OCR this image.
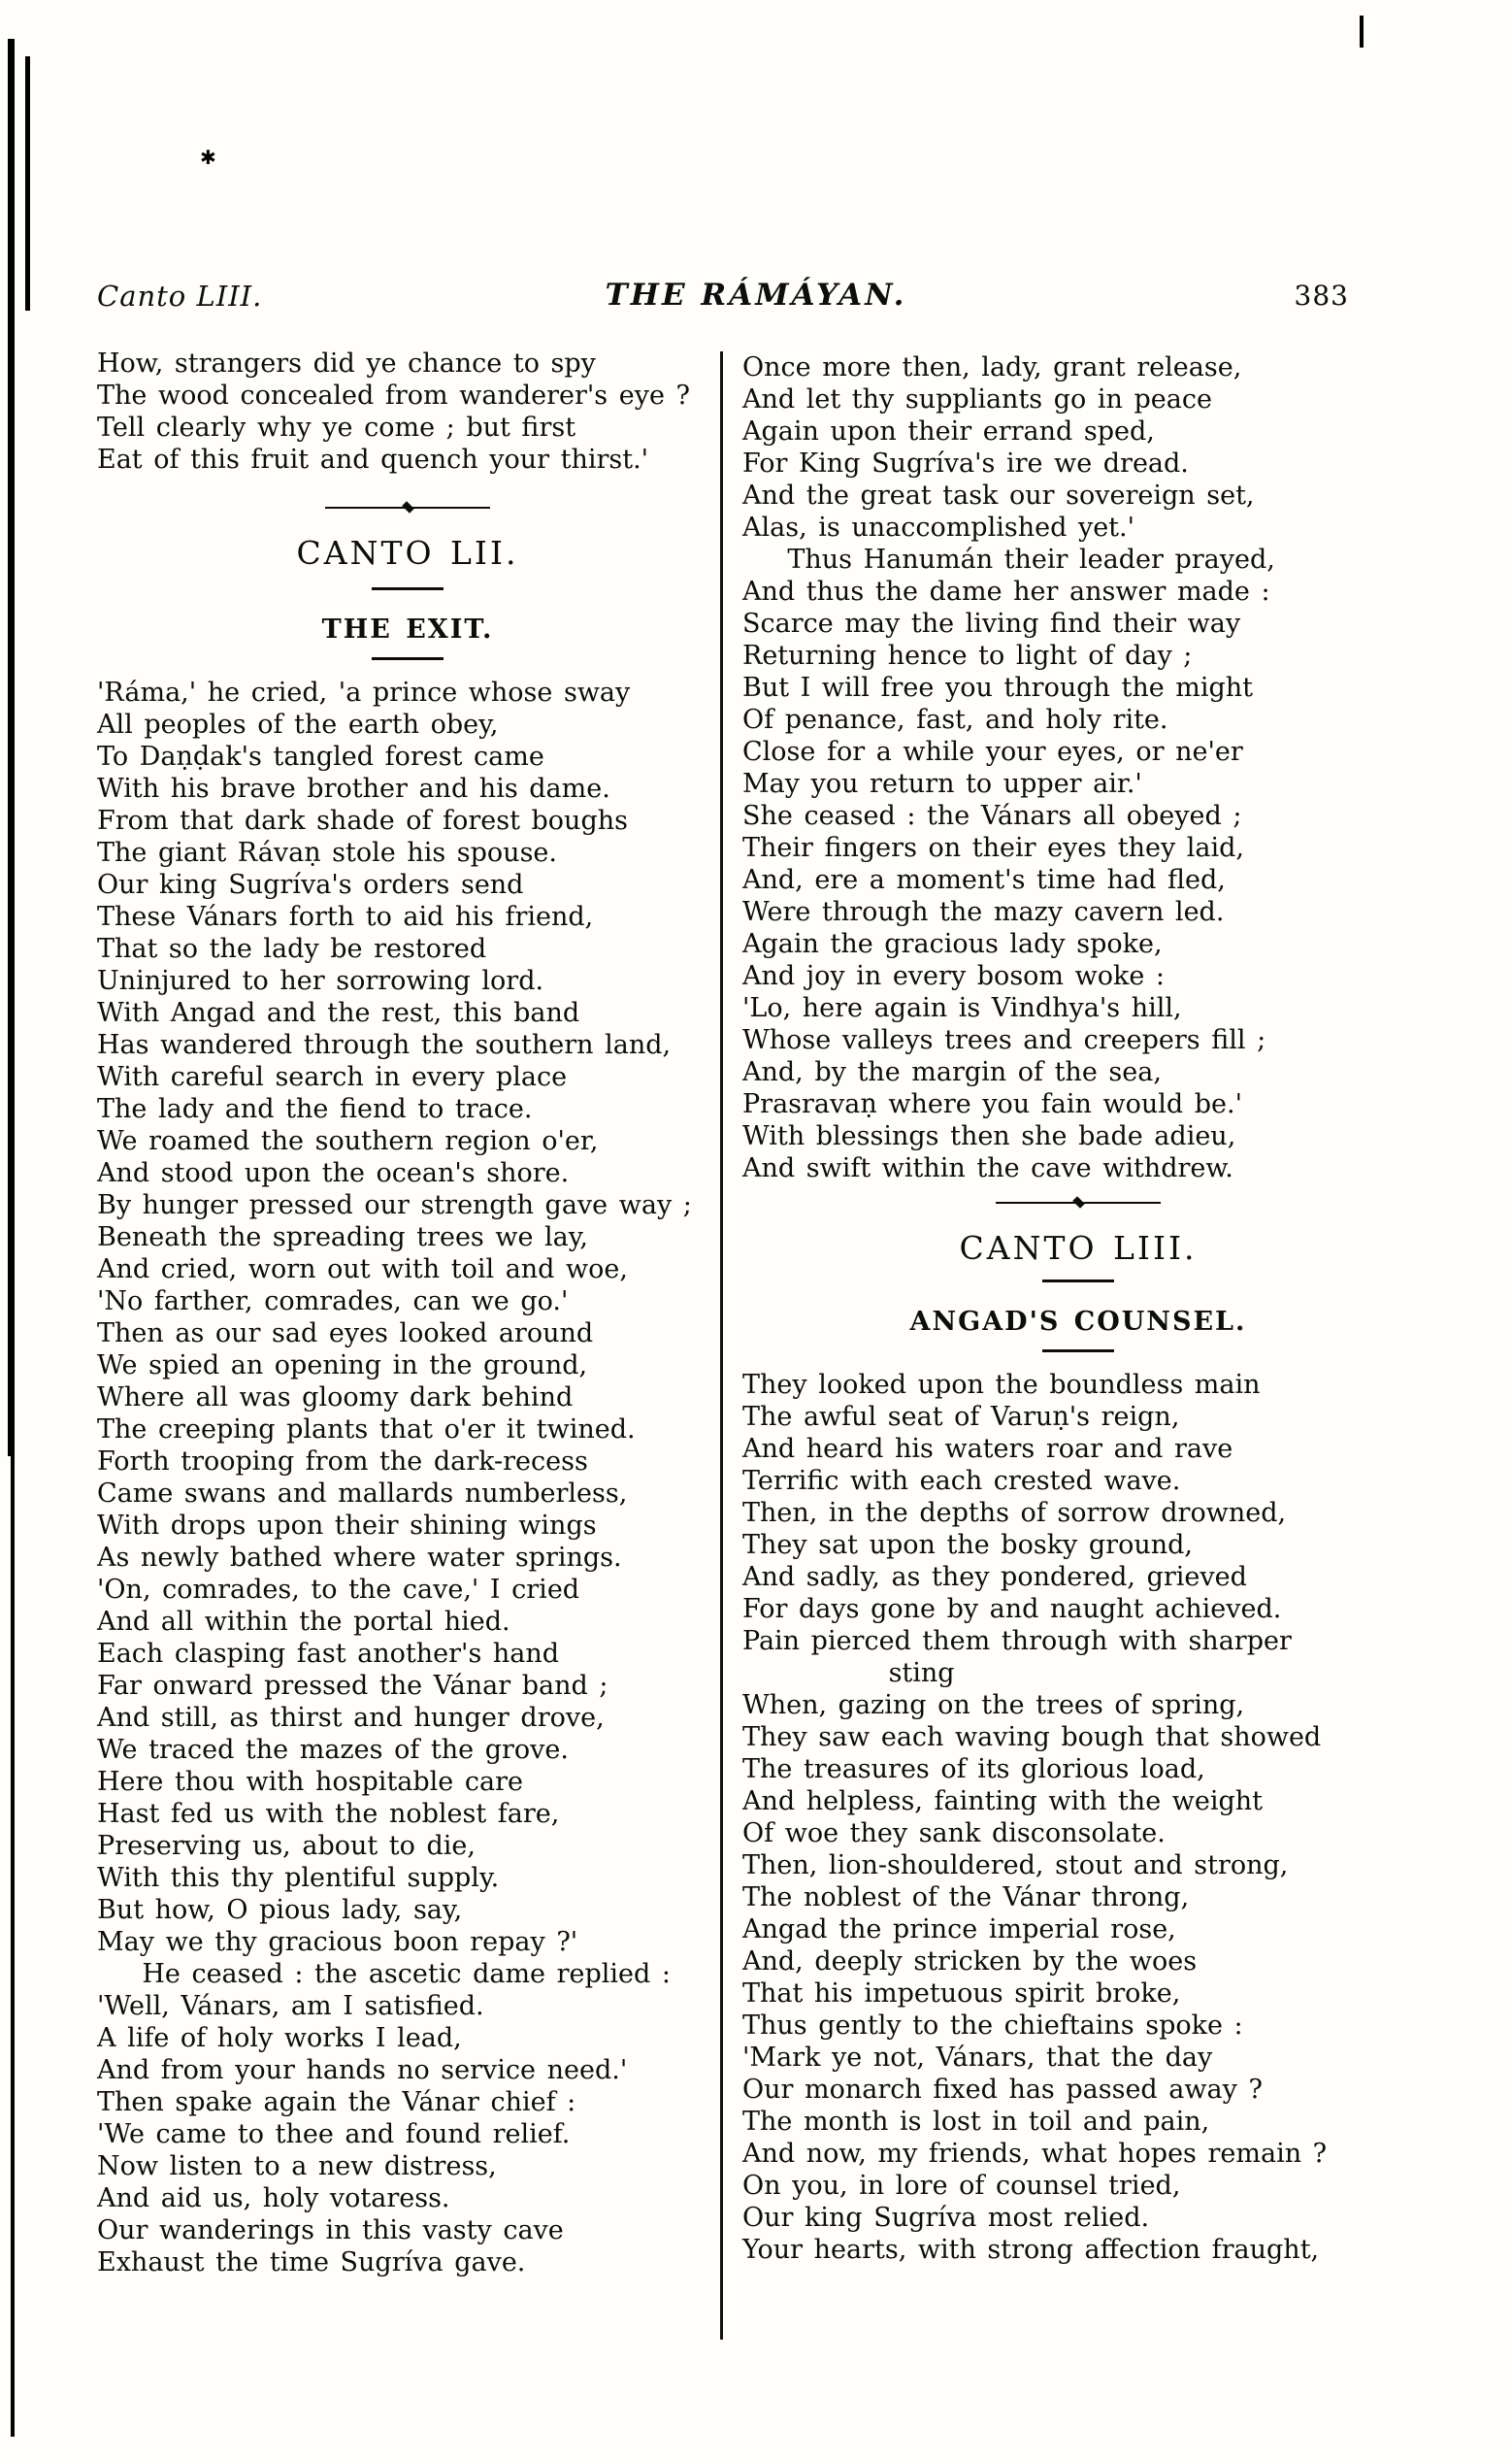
✱
Canto LIII.	THE RÁMÁYAN.	383
How, strangers did ye chance to spy
The wood concealed from wanderer's eye ?
Tell clearly why ye come ; but first
Eat of this fruit and quench your thirst.'
CANTO LII.
THE EXIT.
'Ráma,' he cried, 'a prince whose sway
All peoples of the earth obey,
To Daṇḍak's tangled forest came
With his brave brother and his dame.
From that dark shade of forest boughs
The giant Rávaṇ stole his spouse.
Our king Sugríva's orders send
These Vánars forth to aid his friend,
That so the lady be restored
Uninjured to her sorrowing lord.
With Angad and the rest, this band
Has wandered through the southern land,
With careful search in every place
The lady and the fiend to trace.
We roamed the southern region o'er,
And stood upon the ocean's shore.
By hunger pressed our strength gave way ;
Beneath the spreading trees we lay,
And cried, worn out with toil and woe,
'No farther, comrades, can we go.'
Then as our sad eyes looked around
We spied an opening in the ground,
Where all was gloomy dark behind
The creeping plants that o'er it twined.
Forth trooping from the dark-recess
Came swans and mallards numberless,
With drops upon their shining wings
As newly bathed where water springs.
'On, comrades, to the cave,' I cried
And all within the portal hied.
Each clasping fast another's hand
Far onward pressed the Vánar band ;
And still, as thirst and hunger drove,
We traced the mazes of the grove.
Here thou with hospitable care
Hast fed us with the noblest fare,
Preserving us, about to die,
With this thy plentiful supply.
But how, O pious lady, say,
May we thy gracious boon repay ?'
He ceased : the ascetic dame replied :
'Well, Vánars, am I satisfied.
A life of holy works I lead,
And from your hands no service need.'
Then spake again the Vánar chief :
'We came to thee and found relief.
Now listen to a new distress,
And aid us, holy votaress.
Our wanderings in this vasty cave
Exhaust the time Sugríva gave.
Once more then, lady, grant release,
And let thy suppliants go in peace
Again upon their errand sped,
For King Sugríva's ire we dread.
And the great task our sovereign set,
Alas, is unaccomplished yet.'
Thus Hanumán their leader prayed,
And thus the dame her answer made :
Scarce may the living find their way
Returning hence to light of day ;
But I will free you through the might
Of penance, fast, and holy rite.
Close for a while your eyes, or ne'er
May you return to upper air.'
She ceased : the Vánars all obeyed ;
Their fingers on their eyes they laid,
And, ere a moment's time had fled,
Were through the mazy cavern led.
Again the gracious lady spoke,
And joy in every bosom woke :
'Lo, here again is Vindhya's hill,
Whose valleys trees and creepers fill ;
And, by the margin of the sea,
Prasravaṇ where you fain would be.'
With blessings then she bade adieu,
And swift within the cave withdrew.
CANTO LIII.
ANGAD'S COUNSEL.
They looked upon the boundless main
The awful seat of Varuṇ's reign,
And heard his waters roar and rave
Terrific with each crested wave.
Then, in the depths of sorrow drowned,
They sat upon the bosky ground,
And sadly, as they pondered, grieved
For days gone by and naught achieved.
Pain pierced them through with sharper
sting
When, gazing on the trees of spring,
They saw each waving bough that showed
The treasures of its glorious load,
And helpless, fainting with the weight
Of woe they sank disconsolate.
Then, lion-shouldered, stout and strong,
The noblest of the Vánar throng,
Angad the prince imperial rose,
And, deeply stricken by the woes
That his impetuous spirit broke,
Thus gently to the chieftains spoke :
'Mark ye not, Vánars, that the day
Our monarch fixed has passed away ?
The month is lost in toil and pain,
And now, my friends, what hopes remain ?
On you, in lore of counsel tried,
Our king Sugríva most relied.
Your hearts, with strong affection fraught,
